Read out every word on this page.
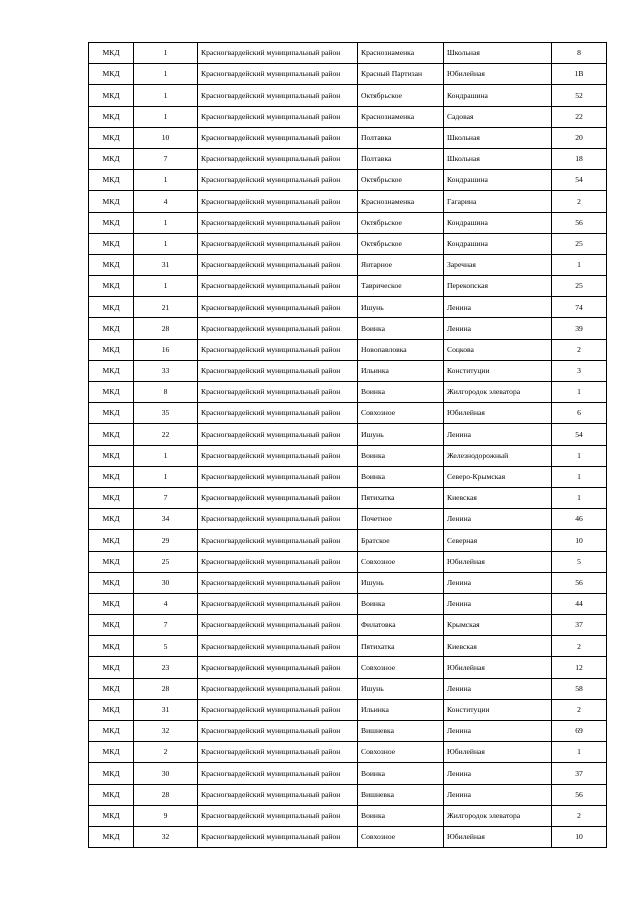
МКД	1	Красногвардейский муниципальный район	Краснознаменка	Школьная	8
МКД	1	Красногвардейский муниципальный район	Красный Партизан	Юбилейная	1В
МКД	1	Красногвардейский муниципальный район	Октябрьское	Кондрашина	52
МКД	1	Красногвардейский муниципальный район	Краснознаменка	Садовая	22
МКД	10	Красногвардейский муниципальный район	Полтавка	Школьная	20
МКД	7	Красногвардейский муниципальный район	Полтавка	Школьная	18
МКД	1	Красногвардейский муниципальный район	Октябрьское	Кондрашина	54
МКД	4	Красногвардейский муниципальный район	Краснознаменка	Гагарина	2
МКД	1	Красногвардейский муниципальный район	Октябрьское	Кондрашина	56
МКД	1	Красногвардейский муниципальный район	Октябрьское	Кондрашина	25
МКД	31	Красногвардейский муниципальный район	Янтарное	Заречная	1
МКД	1	Красногвардейский муниципальный район	Таврическое	Перекопская	25
МКД	21	Красногвардейский муниципальный район	Ишунь	Ленина	74
МКД	28	Красногвардейский муниципальный район	Воинка	Ленина	39
МКД	16	Красногвардейский муниципальный район	Новопавловка	Соцкова	2
МКД	33	Красногвардейский муниципальный район	Ильинка	Конституции	3
МКД	8	Красногвардейский муниципальный район	Воинка	Жилгородок элеватора	1
МКД	35	Красногвардейский муниципальный район	Совхозное	Юбилейная	6
МКД	22	Красногвардейский муниципальный район	Ишунь	Ленина	54
МКД	1	Красногвардейский муниципальный район	Воинка	Железнодорожный	1
МКД	1	Красногвардейский муниципальный район	Воинка	Северо-Крымская	1
МКД	7	Красногвардейский муниципальный район	Пятихатка	Киевская	1
МКД	34	Красногвардейский муниципальный район	Почетное	Ленина	46
МКД	29	Красногвардейский муниципальный район	Братское	Северная	10
МКД	25	Красногвардейский муниципальный район	Совхозное	Юбилейная	5
МКД	30	Красногвардейский муниципальный район	Ишунь	Ленина	56
МКД	4	Красногвардейский муниципальный район	Воинка	Ленина	44
МКД	7	Красногвардейский муниципальный район	Филатовка	Крымская	37
МКД	5	Красногвардейский муниципальный район	Пятихатка	Киевская	2
МКД	23	Красногвардейский муниципальный район	Совхозное	Юбилейная	12
МКД	28	Красногвардейский муниципальный район	Ишунь	Ленина	58
МКД	31	Красногвардейский муниципальный район	Ильинка	Конституции	2
МКД	32	Красногвардейский муниципальный район	Вишневка	Ленина	69
МКД	2	Красногвардейский муниципальный район	Совхозное	Юбилейная	1
МКД	30	Красногвардейский муниципальный район	Воинка	Ленина	37
МКД	28	Красногвардейский муниципальный район	Вишневка	Ленина	56
МКД	9	Красногвардейский муниципальный район	Воинка	Жилгородок элеватора	2
МКД	32	Красногвардейский муниципальный район	Совхозное	Юбилейная	10
